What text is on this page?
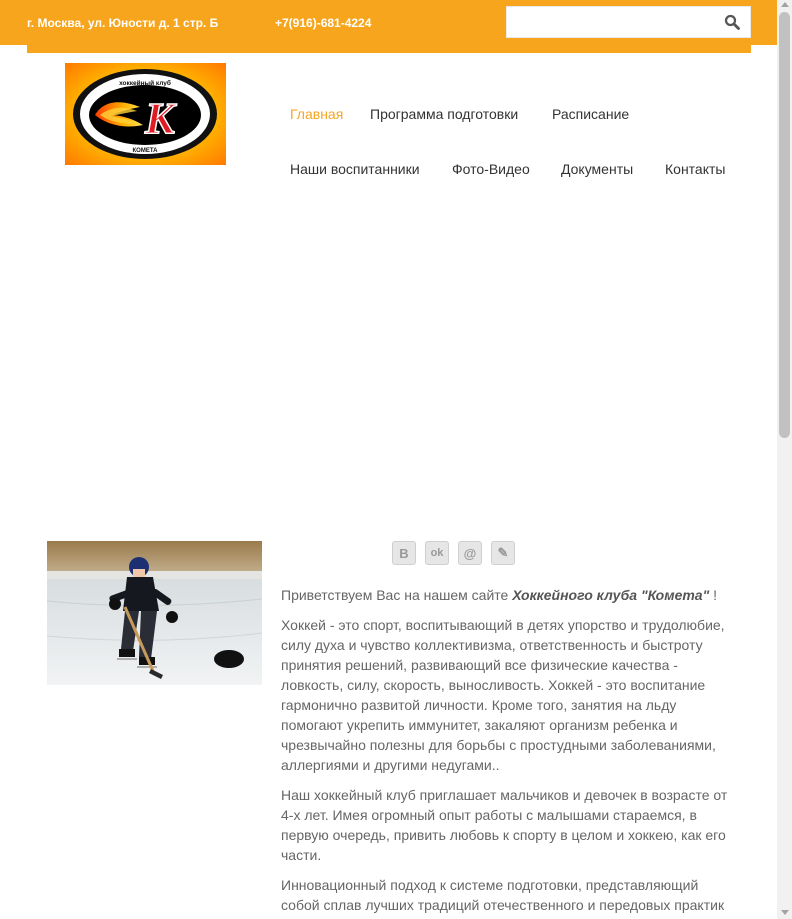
г. Москва, ул. Юности д. 1 стр. Б	+7(916)-681-4224
К
хоккейный клуб
КОМЕТА
Главная Программа подготовки Расписание
Наши воспитанники Фото-Видео Документы Контакты
В ok @ ✎

Приветствуем Вас на нашем сайте Хоккейного клуба "Комета" !

Хоккей - это спорт, воспитывающий в детях упорство и трудолюбие, силу духа и чувство коллективизма, ответственность и быстроту принятия решений, развивающий все физические качества - ловкость, силу, скорость, выносливость. Хоккей - это воспитание гармонично развитой личности. Кроме того, занятия на льду помогают укрепить иммунитет, закаляют организм ребенка и чрезвычайно полезны для борьбы с простудными заболеваниями, аллергиями и другими недугами..

Наш хоккейный клуб приглашает мальчиков и девочек в возрасте от 4-х лет. Имея огромный опыт работы с малышами стараемся, в первую очередь, привить любовь к спорту в целом и хоккею, как его части.

Инновационный подход к системе подготовки, представляющий собой сплав лучших традиций отечественного и передовых практик
